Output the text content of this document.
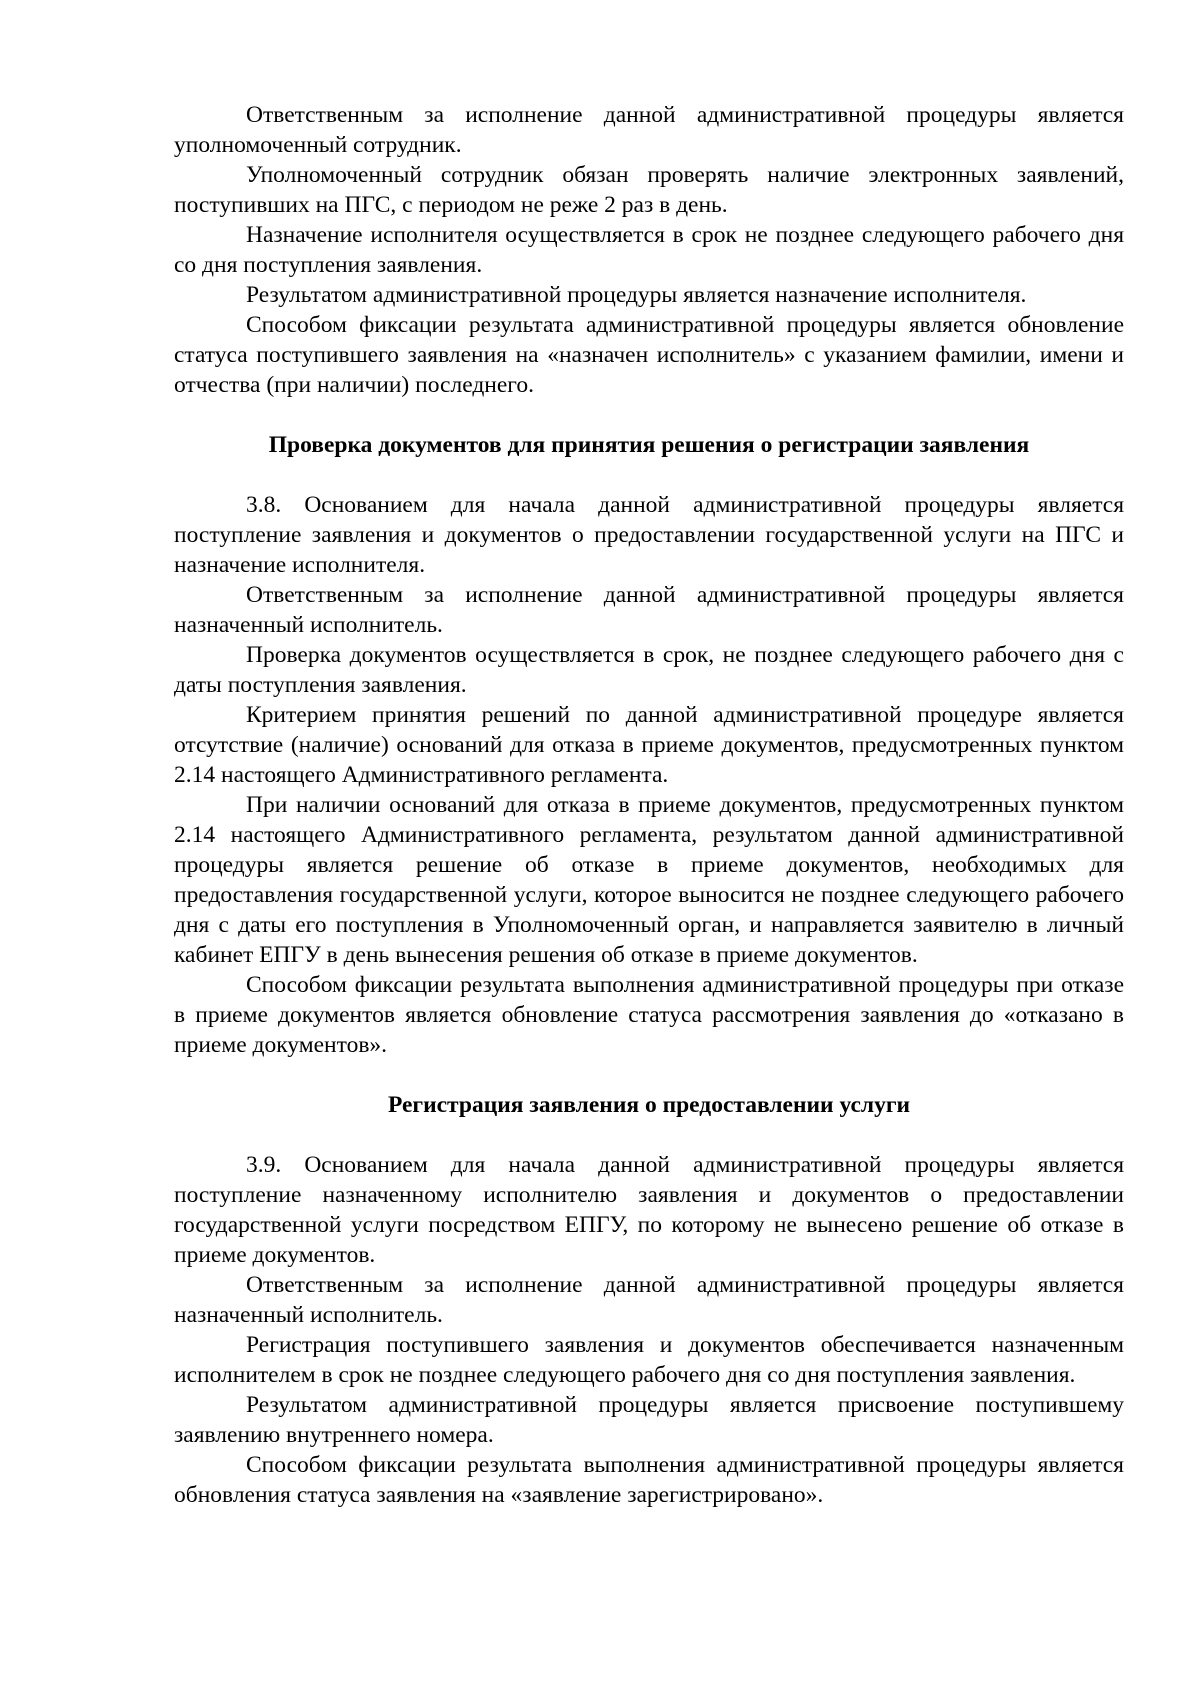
Ответственным за исполнение данной административной процедуры является уполномоченный сотрудник.

Уполномоченный сотрудник обязан проверять наличие электронных заявлений, поступивших на ПГС, с периодом не реже 2 раз в день.

Назначение исполнителя осуществляется в срок не позднее следующего рабочего дня со дня поступления заявления.

Результатом административной процедуры является назначение исполнителя.

Способом фиксации результата административной процедуры является обновление статуса поступившего заявления на «назначен исполнитель» с указанием фамилии, имени и отчества (при наличии) последнего.

Проверка документов для принятия решения о регистрации заявления

3.8. Основанием для начала данной административной процедуры является поступление заявления и документов о предоставлении государственной услуги на ПГС и назначение исполнителя.

Ответственным за исполнение данной административной процедуры является назначенный исполнитель.

Проверка документов осуществляется в срок, не позднее следующего рабочего дня с даты поступления заявления.

Критерием принятия решений по данной административной процедуре является отсутствие (наличие) оснований для отказа в приеме документов, предусмотренных пунктом 2.14 настоящего Административного регламента.

При наличии оснований для отказа в приеме документов, предусмотренных пунктом 2.14 настоящего Административного регламента, результатом данной административной процедуры является решение об отказе в приеме документов, необходимых для предоставления государственной услуги, которое выносится не позднее следующего рабочего дня с даты его поступления в Уполномоченный орган, и направляется заявителю в личный кабинет ЕПГУ в день вынесения решения об отказе в приеме документов.

Способом фиксации результата выполнения административной процедуры при отказе в приеме документов является обновление статуса рассмотрения заявления до «отказано в приеме документов».

Регистрация заявления о предоставлении услуги

3.9. Основанием для начала данной административной процедуры является поступление назначенному исполнителю заявления и документов о предоставлении государственной услуги посредством ЕПГУ, по которому не вынесено решение об отказе в приеме документов.

Ответственным за исполнение данной административной процедуры является назначенный исполнитель.

Регистрация поступившего заявления и документов обеспечивается назначенным исполнителем в срок не позднее следующего рабочего дня со дня поступления заявления.

Результатом административной процедуры является присвоение поступившему заявлению внутреннего номера.

Способом фиксации результата выполнения административной процедуры является обновления статуса заявления на «заявление зарегистрировано».
